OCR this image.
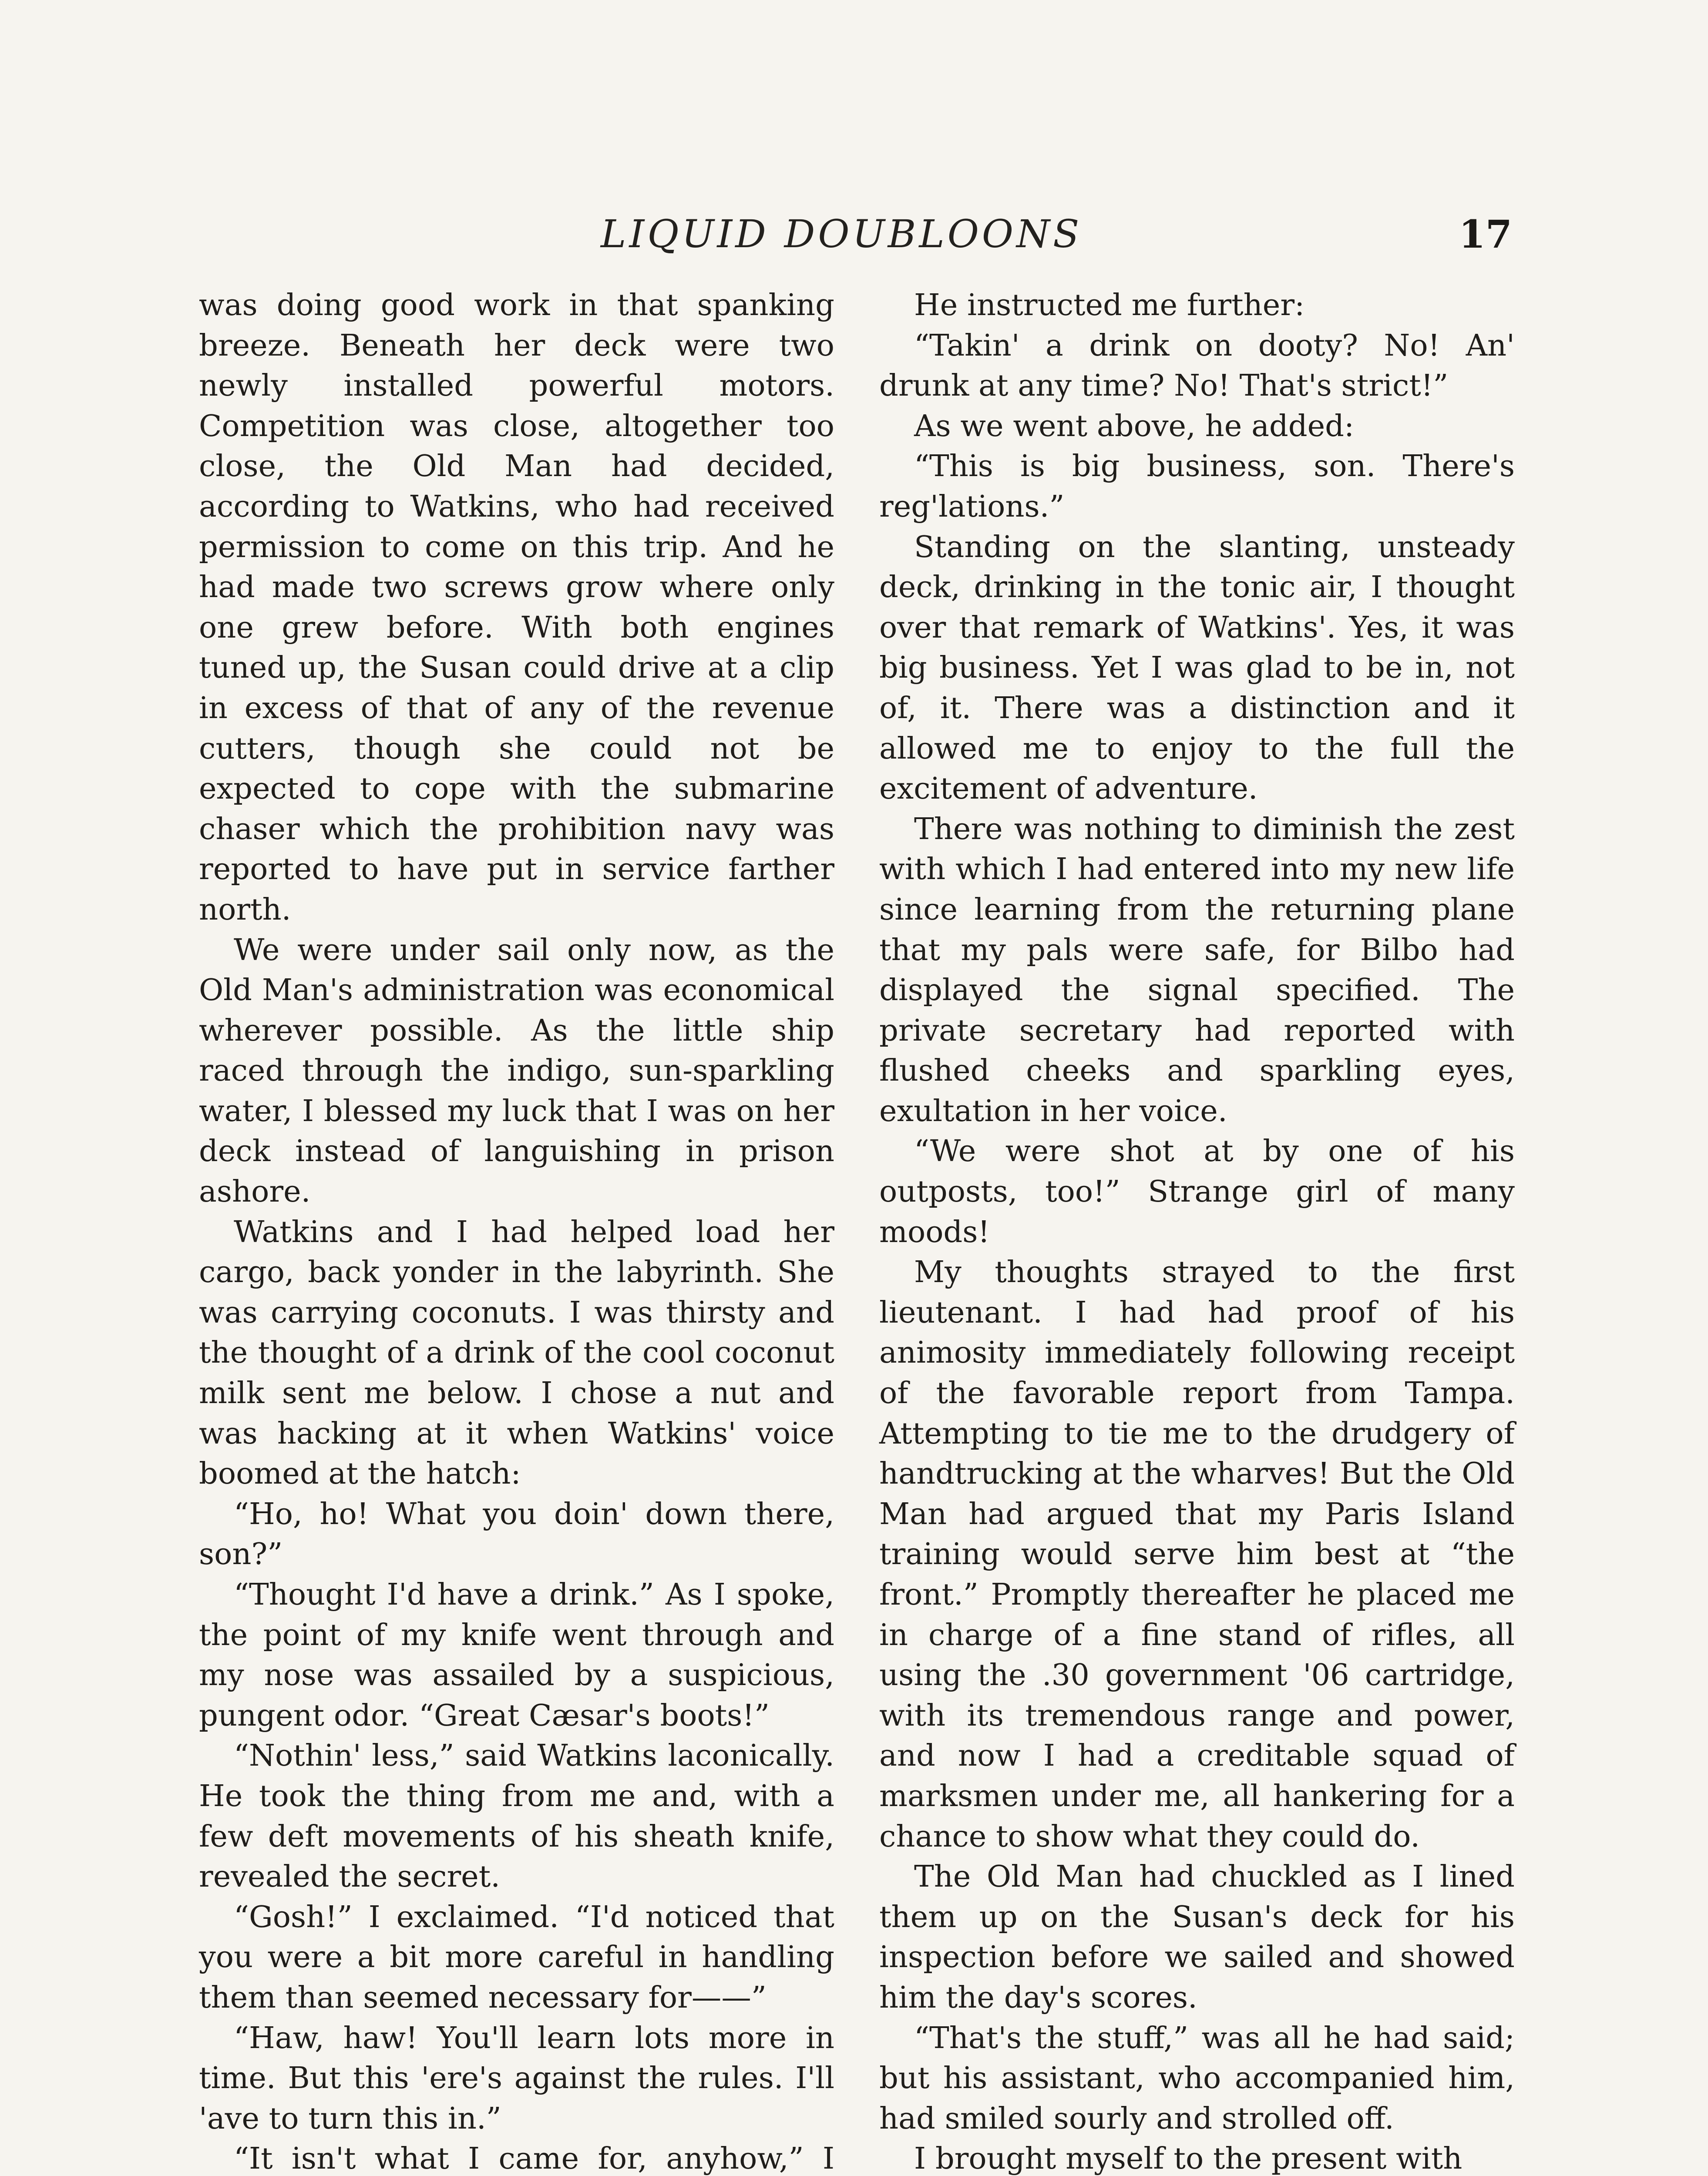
LIQUID DOUBLOONS	17

was doing good work in that spanking breeze. Beneath her deck were two newly installed powerful motors. Competition was close, altogether too close, the Old Man had decided, according to Watkins, who had received permission to come on this trip. And he had made two screws grow where only one grew before. With both engines tuned up, the Susan could drive at a clip in excess of that of any of the revenue cutters, though she could not be expected to cope with the submarine chaser which the prohibition navy was reported to have put in service farther north.

We were under sail only now, as the Old Man's administration was economical wherever possible. As the little ship raced through the indigo, sun-sparkling water, I blessed my luck that I was on her deck instead of languishing in prison ashore.

Watkins and I had helped load her cargo, back yonder in the labyrinth. She was carrying coconuts. I was thirsty and the thought of a drink of the cool coconut milk sent me below. I chose a nut and was hacking at it when Watkins' voice boomed at the hatch:

“Ho, ho! What you doin' down there, son?”

“Thought I'd have a drink.” As I spoke, the point of my knife went through and my nose was assailed by a suspicious, pungent odor. “Great Cæsar's boots!”

“Nothin' less,” said Watkins laconically. He took the thing from me and, with a few deft movements of his sheath knife, revealed the secret.

“Gosh!” I exclaimed. “I'd noticed that you were a bit more careful in handling them than seemed necessary for——”

“Haw, haw! You'll learn lots more in time. But this 'ere's against the rules. I'll 'ave to turn this in.”

“It isn't what I came for, anyhow,” I

He instructed me further:

“Takin' a drink on dooty? No! An' drunk at any time? No! That's strict!”

As we went above, he added:

“This is big business, son. There's reg'lations.”

Standing on the slanting, unsteady deck, drinking in the tonic air, I thought over that remark of Watkins'. Yes, it was big business. Yet I was glad to be in, not of, it. There was a distinction and it allowed me to enjoy to the full the excitement of adventure.

There was nothing to diminish the zest with which I had entered into my new life since learning from the returning plane that my pals were safe, for Bilbo had displayed the signal specified. The private secretary had reported with flushed cheeks and sparkling eyes, exultation in her voice.

“We were shot at by one of his outposts, too!” Strange girl of many moods!

My thoughts strayed to the first lieutenant. I had had proof of his animosity immediately following receipt of the favorable report from Tampa. Attempting to tie me to the drudgery of handtrucking at the wharves! But the Old Man had argued that my Paris Island training would serve him best at “the front.” Promptly thereafter he placed me in charge of a fine stand of rifles, all using the .30 government '06 cartridge, with its tremendous range and power, and now I had a creditable squad of marksmen under me, all hankering for a chance to show what they could do.

The Old Man had chuckled as I lined them up on the Susan's deck for his inspection before we sailed and showed him the day's scores.

“That's the stuff,” was all he had said; but his assistant, who accompanied him, had smiled sourly and strolled off.

I brought myself to the present with
